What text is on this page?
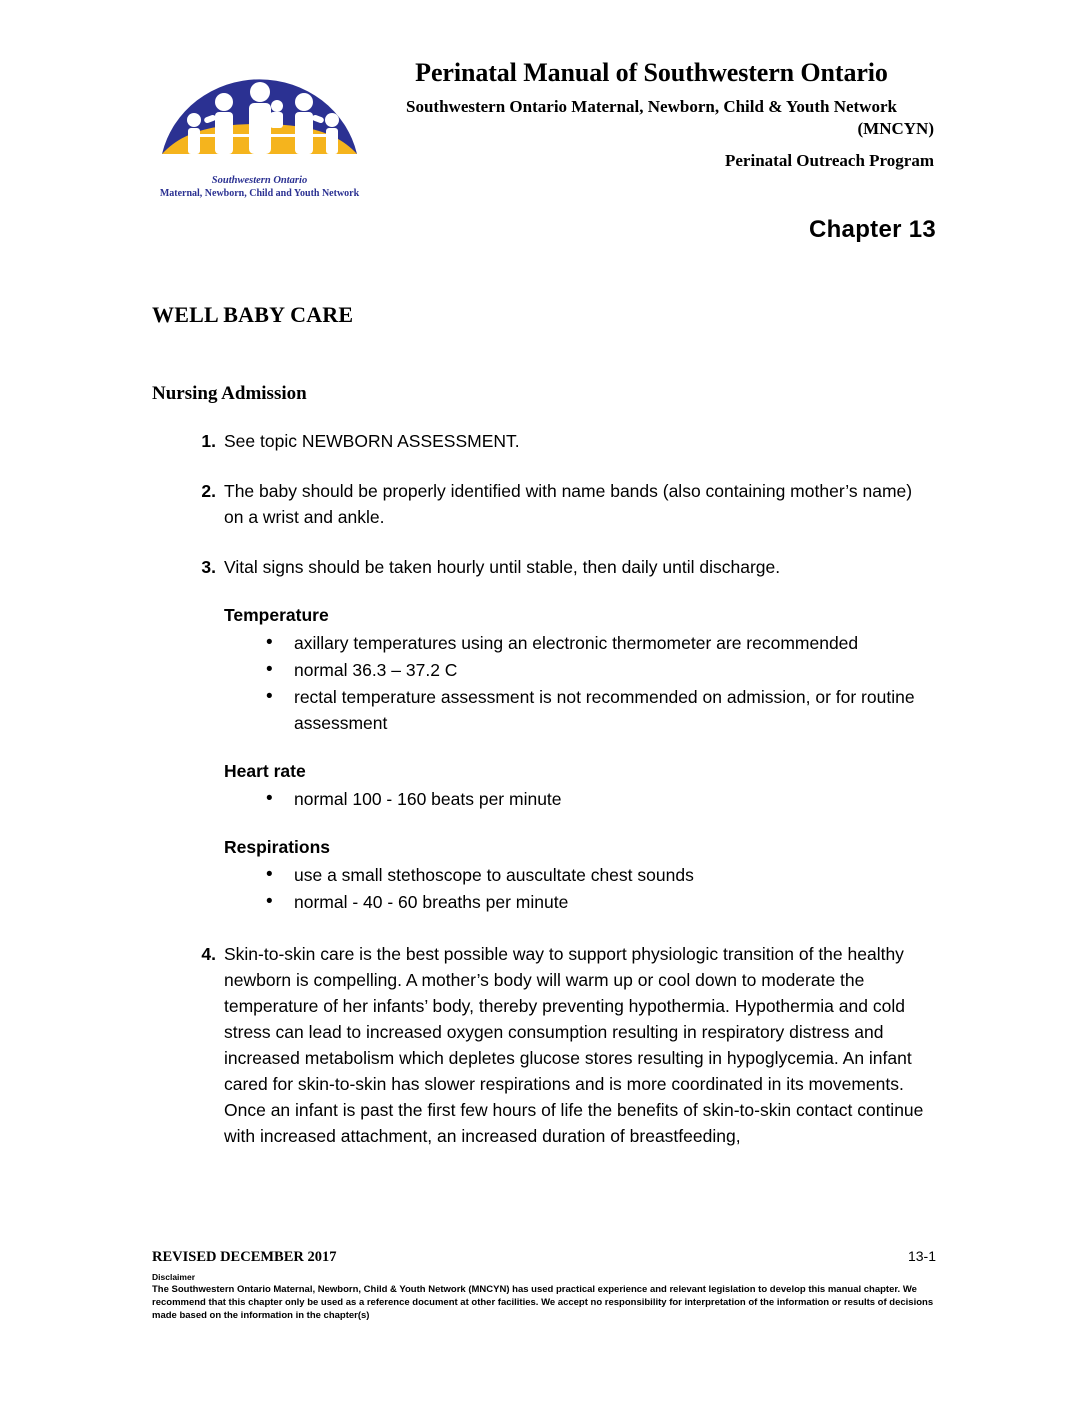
Southwestern Ontario
Maternal, Newborn, Child and Youth Network
Perinatal Manual of Southwestern Ontario
Southwestern Ontario Maternal, Newborn, Child & Youth Network
(MNCYN)
Perinatal Outreach Program
Chapter 13
WELL BABY CARE
Nursing Admission
1. See topic NEWBORN ASSESSMENT.
2. The baby should be properly identified with name bands (also containing mother’s name) on a wrist and ankle.
3. Vital signs should be taken hourly until stable, then daily until discharge.
Temperature
• axillary temperatures using an electronic thermometer are recommended
• normal 36.3 – 37.2 C
• rectal temperature assessment is not recommended on admission, or for routine assessment
Heart rate
• normal 100 - 160 beats per minute
Respirations
• use a small stethoscope to auscultate chest sounds
• normal - 40 - 60 breaths per minute
4. Skin-to-skin care is the best possible way to support physiologic transition of the healthy newborn is compelling. A mother’s body will warm up or cool down to moderate the temperature of her infants’ body, thereby preventing hypothermia. Hypothermia and cold stress can lead to increased oxygen consumption resulting in respiratory distress and increased metabolism which depletes glucose stores resulting in hypoglycemia. An infant cared for skin-to-skin has slower respirations and is more coordinated in its movements. Once an infant is past the first few hours of life the benefits of skin-to-skin contact continue with increased attachment, an increased duration of breastfeeding,
REVISED DECEMBER 2017	13-1
Disclaimer
The Southwestern Ontario Maternal, Newborn, Child & Youth Network (MNCYN) has used practical experience and relevant legislation to develop this manual chapter. We recommend that this chapter only be used as a reference document at other facilities. We accept no responsibility for interpretation of the information or results of decisions made based on the information in the chapter(s)
